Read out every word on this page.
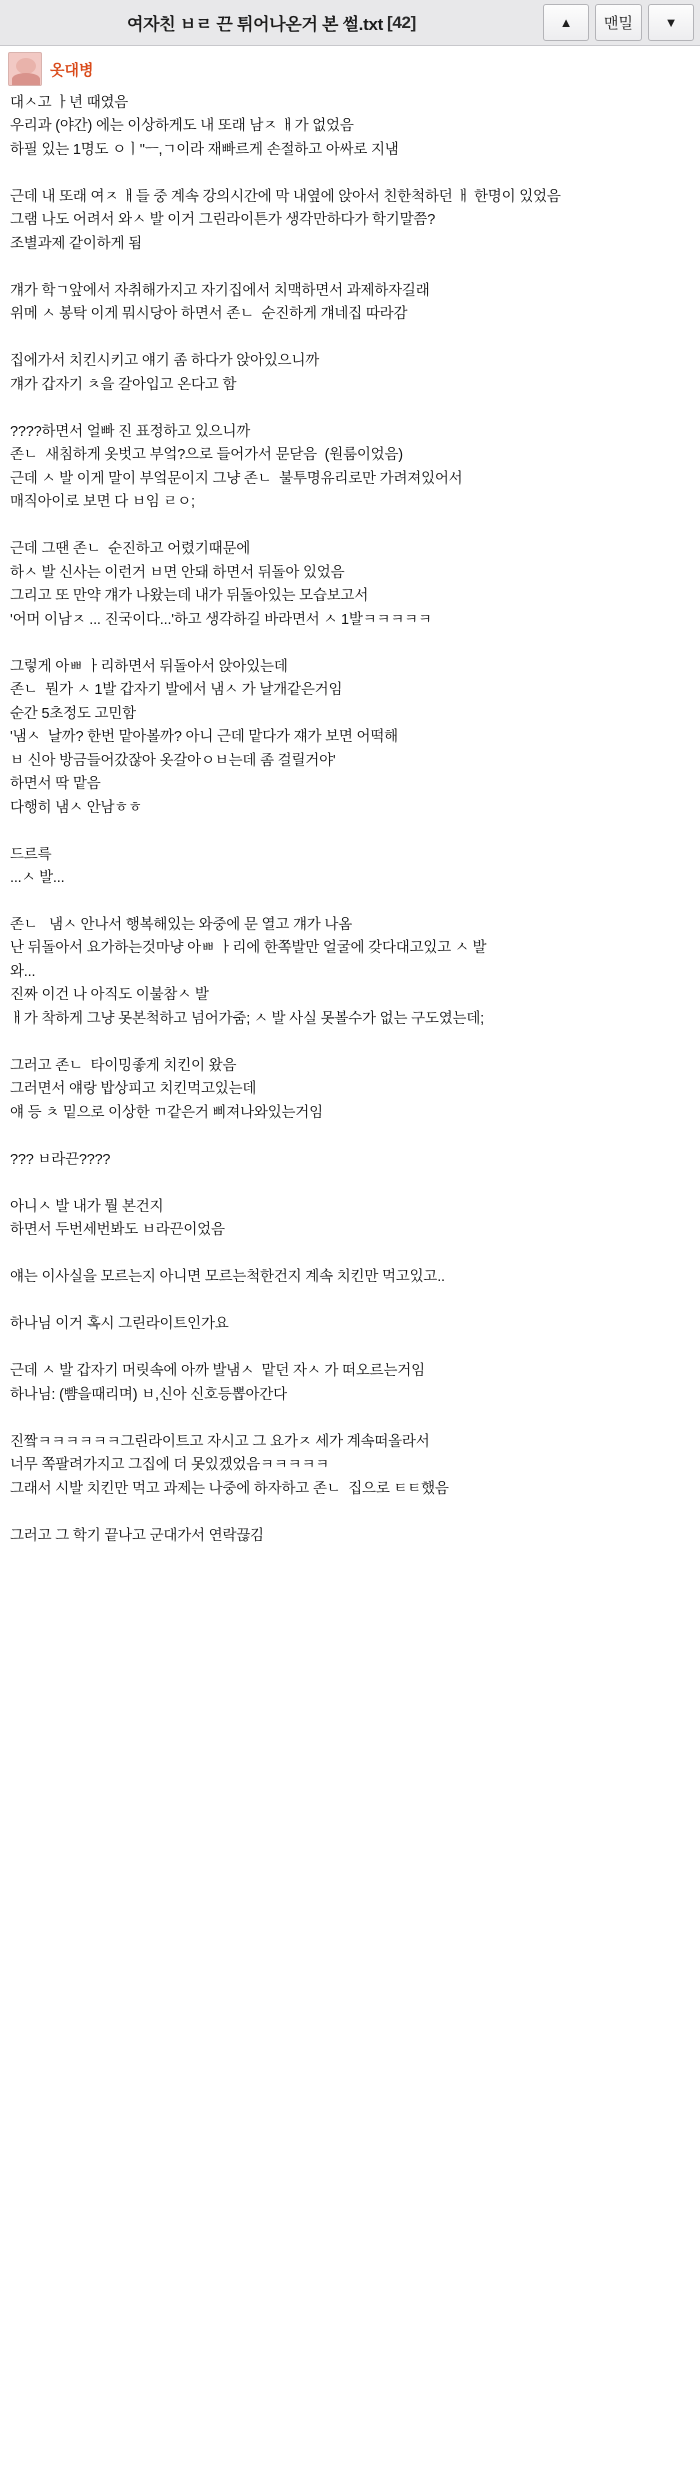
여자친 ㅂㄹ 끈 튀어나온거 본 썰.txt [42]	▲ 맨밀 ▼
옷대병

대ㅅ고 ㅏ년 때였음

우리과 (야간) 에는 이상하게도 내 또래 남ㅈ ㅐ가 없었음

하필 있는 1명도 ㅇㅣ"ㅡ,ㄱ이라 재빠르게 손절하고 아싸로 지냄

근데 내 또래 여ㅈ ㅐ들 중 계속 강의시간에 막 내옆에 앉아서 친한척하던 ㅐ 한명이 있었음

그램 나도 어려서 와ㅅ 발 이거 그린라이튼가 생각만하다가 학기말쯤?

조별과제 같이하게 됨

걔가 학ㄱ앞에서 자취해가지고 자기집에서 치맥하면서 과제하자길래

위메 ㅅ 봉탁 이게 뭐시당아 하면서 존ㄴ  순진하게 걔네집 따라감

집에가서 치킨시키고 얘기 좀 하다가 앉아있으니까

걔가 갑자기 ㅊ을 갈아입고 온다고 함

????하면서 얼빠 진 표정하고 있으니까

존ㄴ  새침하게 옷벗고 부엌?으로 들어가서 문닫음  (원룸이었음)

근데 ㅅ 발 이게 말이 부엌문이지 그냥 존ㄴ  불투명유리로만 가려져있어서

매직아이로 보면 다 ㅂ임 ㄹㅇ;

근데 그땐 존ㄴ  순진하고 어렸기때문에

하ㅅ 발 신사는 이런거 ㅂ면 안돼 하면서 뒤돌아 있었음

그리고 또 만약 걔가 나왔는데 내가 뒤돌아있는 모습보고서

'어머 이남ㅈ ... 진국이다...'하고 생각하길 바라면서 ㅅ 1발ㅋㅋㅋㅋㅋ

그렇게 아ㅃ ㅏ리하면서 뒤돌아서 앉아있는데

존ㄴ  뭔가 ㅅ 1발 갑자기 발에서 냄ㅅ 가 날개같은거임

순간 5초정도 고민함

'냄ㅅ  날까? 한번 맡아볼까? 아니 근데 맡다가 쟤가 보면 어떡해

ㅂ 신아 방금들어갔잖아 옷갈아ㅇㅂ는데 좀 걸릴거야'

하면서 딱 맡음

다행히 냄ㅅ 안남ㅎㅎ

드르륵

...ㅅ 발...

존ㄴ   냄ㅅ 안나서 행복해있는 와중에 문 열고 걔가 나옴

난 뒤돌아서 요가하는것마냥 아ㅃ ㅏ리에 한쪽발만 얼굴에 갖다대고있고 ㅅ 발

와...

진짜 이건 나 아직도 이불참ㅅ 발

ㅐ가 착하게 그냥 못본척하고 넘어가줌; ㅅ 발 사실 못볼수가 없는 구도였는데;

그러고 존ㄴ  타이밍좋게 치킨이 왔음

그러면서 얘랑 밥상피고 치킨먹고있는데

얘 등 ㅊ 밑으로 이상한 ㄲ같은거 삐져나와있는거임

??? ㅂ라끈????

아니ㅅ 발 내가 뭘 본건지

하면서 두번세번봐도 ㅂ라끈이었음

얘는 이사실을 모르는지 아니면 모르는척한건지 계속 치킨만 먹고있고..

하나님 이거 혹시 그린라이트인가요

근데 ㅅ 발 갑자기 머릿속에 아까 발냄ㅅ  맡던 자ㅅ 가 떠오르는거임

하나님: (뺨을때리며) ㅂ,신아 신호등뽑아간다

진짴ㅋㅋㅋㅋㅋㅋ그린라이트고 자시고 그 요가ㅈ 세가 계속떠올라서

너무 쪽팔려가지고 그집에 더 못있겠었음ㅋㅋㅋㅋㅋ

그래서 시발 치킨만 먹고 과제는 나중에 하자하고 존ㄴ  집으로 ㅌㅌ했음

그러고 그 학기 끝나고 군대가서 연락끊김
